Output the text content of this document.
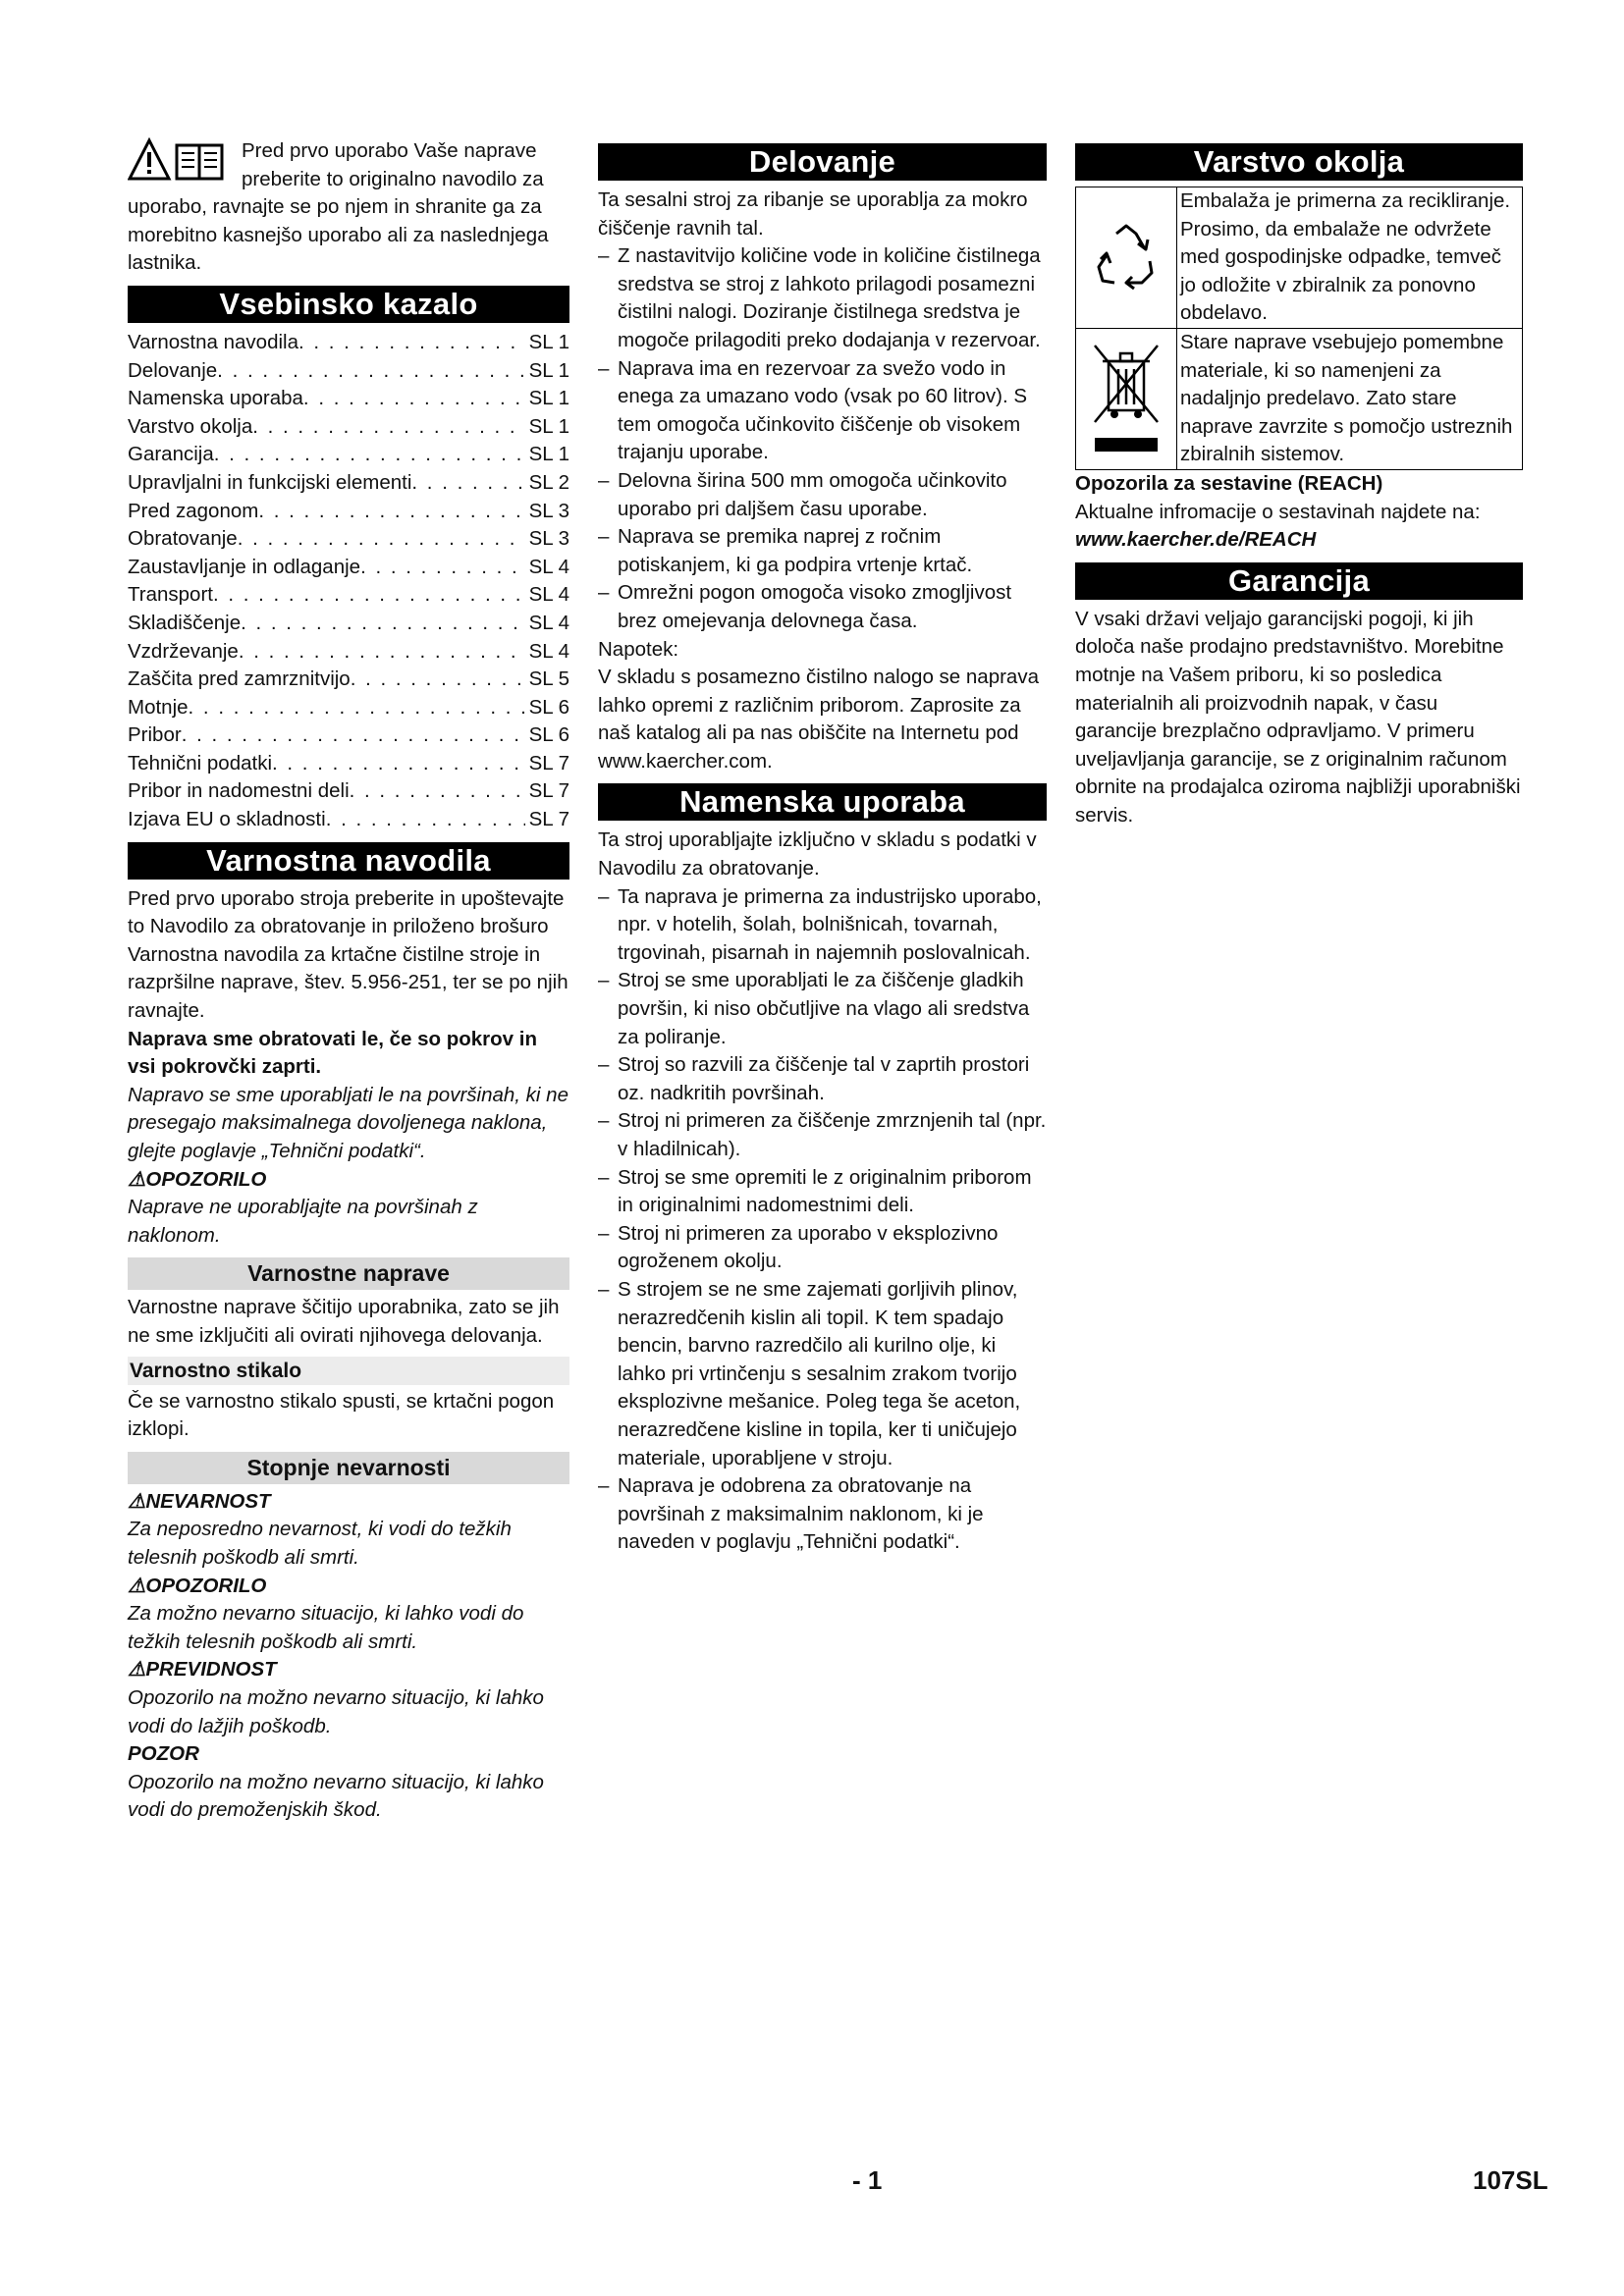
Pred prvo uporabo Vaše naprave preberite to originalno navodilo za uporabo, ravnajte se po njem in shranite ga za morebitno kasnejšo uporabo ali za naslednjega lastnika.

Vsebinsko kazalo
Varnostna navodila . . .	SL 1
Delovanje . . .	SL 1
Namenska uporaba . . .	SL 1
Varstvo okolja . . .	SL 1
Garancija . . .	SL 1
Upravljalni in funkcijski elementi . . .	SL 2
Pred zagonom . . .	SL 3
Obratovanje . . .	SL 3
Zaustavljanje in odlaganje . . .	SL 4
Transport . . .	SL 4
Skladiščenje . . .	SL 4
Vzdrževanje . . .	SL 4
Zaščita pred zamrznitvijo . . .	SL 5
Motnje . . .	SL 6
Pribor . . .	SL 6
Tehnični podatki . . .	SL 7
Pribor in nadomestni deli . . .	SL 7
Izjava EU o skladnosti . . .	SL 7
Varnostna navodila

Pred prvo uporabo stroja preberite in upoštevajte to Navodilo za obratovanje in priloženo brošuro Varnostna navodila za krtačne čistilne stroje in razpršilne naprave, štev. 5.956-251, ter se po njih ravnajte.

Naprava sme obratovati le, če so pokrov in vsi pokrovčki zaprti.

Napravo se sme uporabljati le na površinah, ki ne presegajo maksimalnega dovoljenega naklona, glejte poglavje „Tehnični podatki“.

⚠OPOZORILO

Naprave ne uporabljajte na površinah z naklonom.

Varnostne naprave

Varnostne naprave ščitijo uporabnika, zato se jih ne sme izključiti ali ovirati njihovega delovanja.

Varnostno stikalo

Če se varnostno stikalo spusti, se krtačni pogon izklopi.

Stopnje nevarnosti

⚠NEVARNOST

Za neposredno nevarnost, ki vodi do težkih telesnih poškodb ali smrti.

⚠OPOZORILO

Za možno nevarno situacijo, ki lahko vodi do težkih telesnih poškodb ali smrti.

⚠PREVIDNOST

Opozorilo na možno nevarno situacijo, ki lahko vodi do lažjih poškodb.

POZOR

Opozorilo na možno nevarno situacijo, ki lahko vodi do premoženjskih škod.

Delovanje

Ta sesalni stroj za ribanje se uporablja za mokro čiščenje ravnih tal.

– Z nastavitvijo količine vode in količine čistilnega sredstva se stroj z lahkoto prilagodi posamezni čistilni nalogi. Doziranje čistilnega sredstva je mogoče prilagoditi preko dodajanja v rezervoar.
– Naprava ima en rezervoar za svežo vodo in enega za umazano vodo (vsak po 60 litrov). S tem omogoča učinkovito čiščenje ob visokem trajanju uporabe.
– Delovna širina 500 mm omogoča učinkovito uporabo pri daljšem času uporabe.
– Naprava se premika naprej z ročnim potiskanjem, ki ga podpira vrtenje krtač.
– Omrežni pogon omogoča visoko zmogljivost brez omejevanja delovnega časa.

Napotek:

V skladu s posamezno čistilno nalogo se naprava lahko opremi z različnim priborom. Zaprosite za naš katalog ali pa nas obiščite na Internetu pod www.kaercher.com.

Namenska uporaba

Ta stroj uporabljajte izključno v skladu s podatki v Navodilu za obratovanje.

– Ta naprava je primerna za industrijsko uporabo, npr. v hotelih, šolah, bolnišnicah, tovarnah, trgovinah, pisarnah in najemnih poslovalnicah.
– Stroj se sme uporabljati le za čiščenje gladkih površin, ki niso občutljive na vlago ali sredstva za poliranje.
– Stroj so razvili za čiščenje tal v zaprtih prostori oz. nadkritih površinah.
– Stroj ni primeren za čiščenje zmrznjenih tal (npr. v hladilnicah).
– Stroj se sme opremiti le z originalnim priborom in originalnimi nadomestnimi deli.
– Stroj ni primeren za uporabo v eksplozivno ogroženem okolju.
– S strojem se ne sme zajemati gorljivih plinov, nerazredčenih kislin ali topil. K tem spadajo bencin, barvno razredčilo ali kurilno olje, ki lahko pri vrtinčenju s sesalnim zrakom tvorijo eksplozivne mešanice. Poleg tega še aceton, nerazredčene kisline in topila, ker ti uničujejo materiale, uporabljene v stroju.
– Naprava je odobrena za obratovanje na površinah z maksimalnim naklonom, ki je naveden v poglavju „Tehnični podatki“.
Varstvo okolja
Embalaža je primerna za recikliranje. Prosimo, da embalaže ne odvržete med gospodinjske odpadke, temveč jo odložite v zbiralnik za ponovno obdelavo.
Stare naprave vsebujejo pomembne materiale, ki so namenjeni za nadaljnjo predelavo. Zato stare naprave zavrzite s pomočjo ustreznih zbiralnih sistemov.

Opozorila za sestavine (REACH)

Aktualne infromacije o sestavinah najdete na:

www.kaercher.de/REACH

Garancija

V vsaki državi veljajo garancijski pogoji, ki jih določa naše prodajno predstavništvo. Morebitne motnje na Vašem priboru, ki so posledica materialnih ali proizvodnih napak, v času garancije brezplačno odpravljamo. V primeru uveljavljanja garancije, se z originalnim računom obrnite na prodajalca oziroma najbližji uporabniški servis.

- 1	107SL
